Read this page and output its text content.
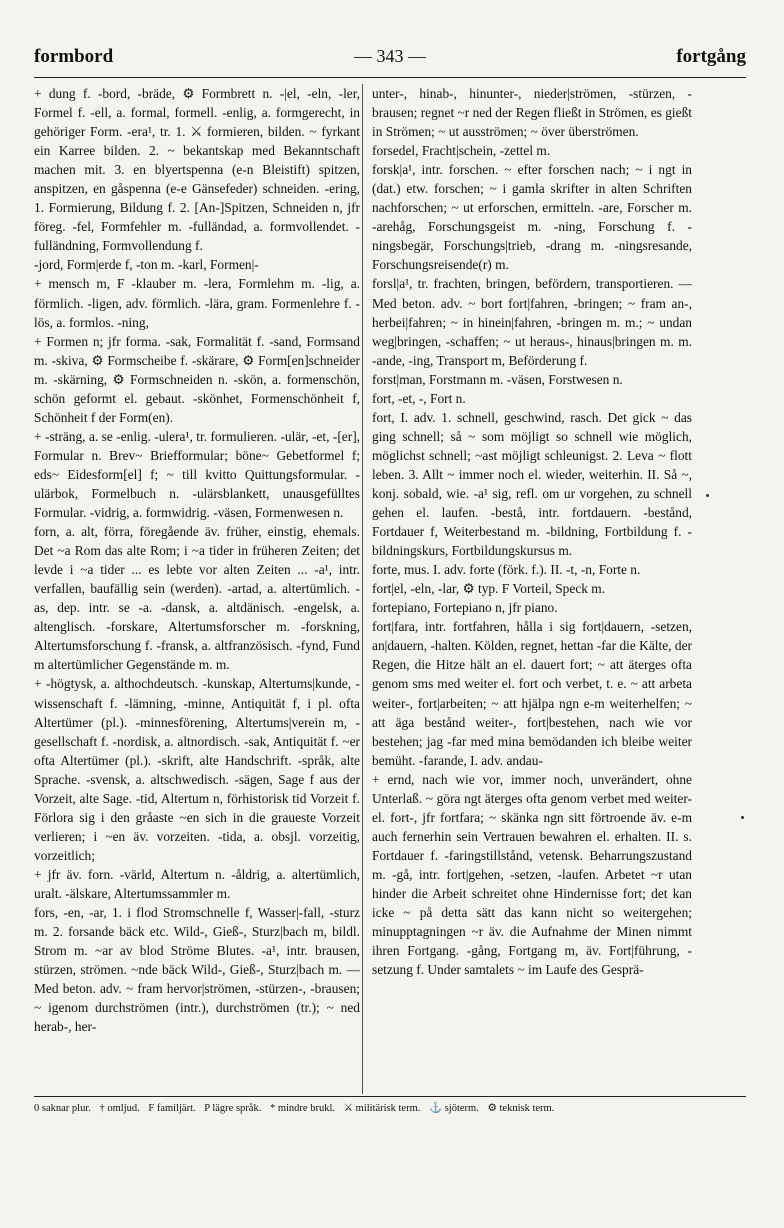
formbord	— 343 —	fortgång

+ dung f. -bord, -bräde, ⚙ Formbrett n. -|el, -eln, -ler, Formel f. -ell, a. formal, formell. -enlig, a. formgerecht, in gehöriger Form. -era¹, tr. 1. ⚔ formieren, bilden. ~ fyrkant ein Karree bilden. 2. ~ bekantskap med Bekanntschaft machen mit. 3. en blyertspenna (e-n Bleistift) spitzen, anspitzen, en gåspenna (e-e Gänsefeder) schneiden. -ering, 1. Formierung, Bildung f. 2. [An-]Spitzen, Schneiden n, jfr föreg. -fel, Formfehler m. -fulländad, a. formvollendet. -fulländning, Formvollendung f.

-jord, Form|erde f, -ton m. -karl, Formen|-

+ mensch m, F -klauber m. -lera, Formlehm m. -lig, a. förmlich. -ligen, adv. förmlich. -lära, gram. Formenlehre f. -lös, a. formlos. -ning,

+ Formen n; jfr forma. -sak, Formalität f. -sand, Formsand m. -skiva, ⚙ Formscheibe f. -skärare, ⚙ Form[en]schneider m. -skärning, ⚙ Formschneiden n. -skön, a. formenschön, schön geformt el. gebaut. -skönhet, Formenschönheit f, Schönheit f der Form(en).

+ -sträng, a. se -enlig. -ulera¹, tr. formulieren. -ulär, -et, -[er], Formular n. Brev~ Briefformular; böne~ Gebetformel f; eds~ Eidesform[el] f; ~ till kvitto Quittungsformular. -ulärbok, Formelbuch n. -ulärsblankett, unausgefülltes Formular. -vidrig, a. formwidrig. -väsen, Formenwesen n.

forn, a. alt, förra, föregående äv. früher, einstig, ehemals. Det ~a Rom das alte Rom; i ~a tider in früheren Zeiten; det levde i ~a tider ... es lebte vor alten Zeiten ... -a¹, intr. verfallen, baufällig sein (werden). -artad, a. altertümlich. -as, dep. intr. se -a. -dansk, a. altdänisch. -engelsk, a. altenglisch. -forskare, Altertumsforscher m. -forskning, Altertumsforschung f. -fransk, a. altfranzösisch. -fynd, Fund m altertümlicher Gegenstände m. m.

+ -högtysk, a. althochdeutsch. -kunskap, Altertums|kunde, -wissenschaft f. -lämning, -minne, Antiquität f, i pl. ofta Altertümer (pl.). -minnesförening, Altertums|verein m, -gesellschaft f. -nordisk, a. altnordisch. -sak, Antiquität f. ~er ofta Altertümer (pl.). -skrift, alte Handschrift. -språk, alte Sprache. -svensk, a. altschwedisch. -sägen, Sage f aus der Vorzeit, alte Sage. -tid, Altertum n, förhistorisk tid Vorzeit f. Förlora sig i den gråaste ~en sich in die graueste Vorzeit verlieren; i ~en äv. vorzeiten. -tida, a. obsjl. vorzeitig, vorzeitlich;

+ jfr äv. forn. -värld, Altertum n. -åldrig, a. altertümlich, uralt. -älskare, Altertumssammler m.

fors, -en, -ar, 1. i flod Stromschnelle f, Wasser|-fall, -sturz m. 2. forsande bäck etc. Wild-, Gieß-, Sturz|bach m, bildl. Strom m. ~ar av blod Ströme Blutes. -a¹, intr. brausen, stürzen, strömen. ~nde bäck Wild-, Gieß-, Sturz|bach m. — Med beton. adv. ~ fram hervor|strömen, -stürzen-, -brausen; ~ igenom durchströmen (intr.), durchströmen (tr.); ~ ned herab-, her-

unter-, hinab-, hinunter-, nieder|strömen, -stürzen, -brausen; regnet ~r ned der Regen fließt in Strömen, es gießt in Strömen; ~ ut ausströmen; ~ över überströmen.

forsedel, Fracht|schein, -zettel m.

forsk|a¹, intr. forschen. ~ efter forschen nach; ~ i ngt in (dat.) etw. forschen; ~ i gamla skrifter in alten Schriften nachforschen; ~ ut erforschen, ermitteln. -are, Forscher m. -arehåg, Forschungsgeist m. -ning, Forschung f. -ningsbegär, Forschungs|trieb, -drang m. -ningsresande, Forschungsreisende(r) m.

forsl|a¹, tr. frachten, bringen, befördern, transportieren. — Med beton. adv. ~ bort fort|fahren, -bringen; ~ fram an-, herbei|fahren; ~ in hinein|fahren, -bringen m. m.; ~ undan weg|bringen, -schaffen; ~ ut heraus-, hinaus|bringen m. m. -ande, -ing, Transport m, Beförderung f.

forst|man, Forstmann m. -väsen, Forstwesen n.

fort, -et, -, Fort n.

fort, I. adv. 1. schnell, geschwind, rasch. Det gick ~ das ging schnell; så ~ som möjligt so schnell wie möglich, möglichst schnell; ~ast möjligt schleunigst. 2. Leva ~ flott leben. 3. Allt ~ immer noch el. wieder, weiterhin. II. Så ~, konj. sobald, wie. -a¹ sig, refl. om ur vorgehen, zu schnell gehen el. laufen. -bestå, intr. fortdauern. -bestånd, Fortdauer f, Weiterbestand m. -bildning, Fortbildung f. -bildningskurs, Fortbildungskursus m.

forte, mus. I. adv. forte (förk. f.). II. -t, -n, Forte n.

fort|el, -eln, -lar, ⚙ typ. F Vorteil, Speck m.

fortepiano, Fortepiano n, jfr piano.

fort|fara, intr. fortfahren, hålla i sig fort|dauern, -setzen, an|dauern, -halten. Kölden, regnet, hettan -far die Kälte, der Regen, die Hitze hält an el. dauert fort; ~ att äterges ofta genom sms med weiter el. fort och verbet, t. e. ~ att arbeta weiter-, fort|arbeiten; ~ att hjälpa ngn e-m weiterhelfen; ~ att äga bestånd weiter-, fort|bestehen, nach wie vor bestehen; jag -far med mina bemödanden ich bleibe weiter bemüht. -farande, I. adv. andau-

+ ernd, nach wie vor, immer noch, unverändert, ohne Unterlaß. ~ göra ngt äterges ofta genom verbet med weiter- el. fort-, jfr fortfara; ~ skänka ngn sitt förtroende äv. e-m auch fernerhin sein Vertrauen bewahren el. erhalten. II. s. Fortdauer f. -faringstillstånd, vetensk. Beharrungszustand m. -gå, intr. fort|gehen, -setzen, -laufen. Arbetet ~r utan hinder die Arbeit schreitet ohne Hindernisse fort; det kan icke ~ på detta sätt das kann nicht so weitergehen; minupptagningen ~r äv. die Aufnahme der Minen nimmt ihren Fortgang. -gång, Fortgang m, äv. Fort|führung, -setzung f. Under samtalets ~ im Laufe des Gesprä-

0 saknar plur. † omljud. F familjärt. P lägre språk. * mindre brukl. ⚔ militärisk term. ⚓ sjöterm. ⚙ teknisk term.
